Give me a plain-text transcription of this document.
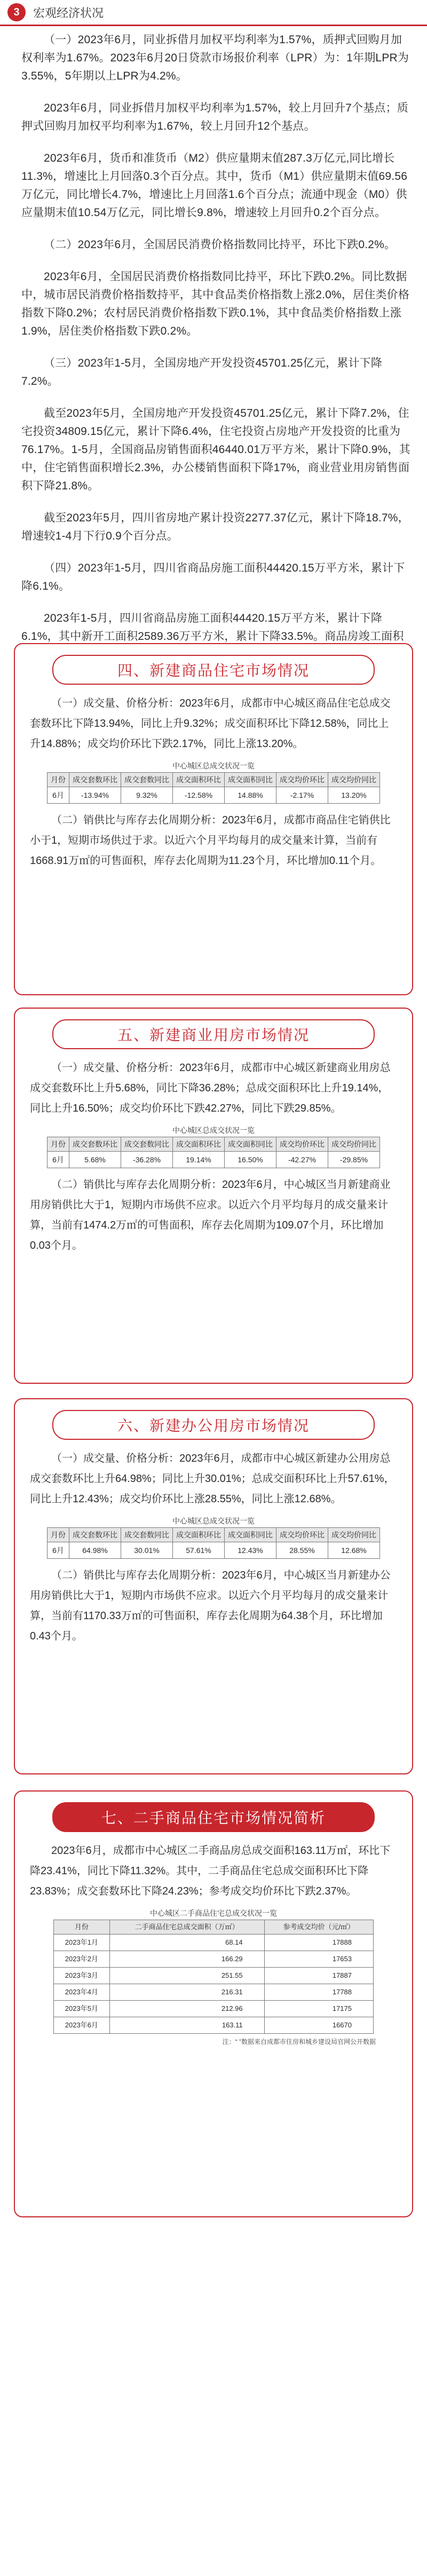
3	宏观经济状况

（一）2023年6月，同业拆借月加权平均利率为1.57%，质押式回购月加权利率为1.67%。2023年6月20日贷款市场报价利率（LPR）为：1年期LPR为3.55%，5年期以上LPR为4.2%。

2023年6月，同业拆借月加权平均利率为1.57%，较上月回升7个基点；质押式回购月加权平均利率为1.67%，较上月回升12个基点。

2023年6月，货币和准货币（M2）供应量期末值287.3万亿元,同比增长11.3%，增速比上月回落0.3个百分点。其中，货币（M1）供应量期末值69.56万亿元，同比增长4.7%，增速比上月回落1.6个百分点；流通中现金（M0）供应量期末值10.54万亿元，同比增长9.8%，增速较上月回升0.2个百分点。

（二）2023年6月，全国居民消费价格指数同比持平，环比下跌0.2%。

2023年6月，全国居民消费价格指数同比持平，环比下跌0.2%。同比数据中，城市居民消费价格指数持平，其中食品类价格指数上涨2.0%，居住类价格指数下降0.2%；农村居民消费价格指数下跌0.1%，其中食品类价格指数上涨1.9%，居住类价格指数下跌0.2%。

（三）2023年1-5月，全国房地产开发投资45701.25亿元，累计下降7.2%。

截至2023年5月，全国房地产开发投资45701.25亿元，累计下降7.2%，住宅投资34809.15亿元，累计下降6.4%，住宅投资占房地产开发投资的比重为76.17%。1-5月，全国商品房销售面积46440.01万平方米，累计下降0.9%，其中，住宅销售面积增长2.3%，办公楼销售面积下降17%，商业营业用房销售面积下降21.8%。

截至2023年5月，四川省房地产累计投资2277.37亿元，累计下降18.7%，增速较1-4月下行0.9个百分点。

（四）2023年1-5月，四川省商品房施工面积44420.15万平方米，累计下降6.1%。

2023年1-5月，四川省商品房施工面积44420.15万平方米，累计下降6.1%，其中新开工面积2589.36万平方米，累计下降33.5%。商品房竣工面积

四、新建商品住宅市场情况

（一）成交量、价格分析：2023年6月，成都市中心城区商品住宅总成交套数环比下降13.94%，同比上升9.32%；成交面积环比下降12.58%，同比上升14.88%；成交均价环比下跌2.17%，同比上涨13.20%。

中心城区总成交状况一览
月份	成交套数环比	成交套数同比	成交面积环比	成交面积同比	成交均价环比	成交均价同比
6月	-13.94%	9.32%	-12.58%	14.88%	-2.17%	13.20%

（二）销供比与库存去化周期分析：2023年6月，成都市商品住宅销供比小于1，短期市场供过于求。以近六个月平均每月的成交量来计算，当前有1668.91万㎡的可售面积，库存去化周期为11.23个月，环比增加0.11个月。

五、新建商业用房市场情况

（一）成交量、价格分析：2023年6月，成都市中心城区新建商业用房总成交套数环比上升5.68%，同比下降36.28%；总成交面积环比上升19.14%，同比上升16.50%；成交均价环比下跌42.27%，同比下跌29.85%。

中心城区总成交状况一览
月份	成交套数环比	成交套数同比	成交面积环比	成交面积同比	成交均价环比	成交均价同比
6月	5.68%	-36.28%	19.14%	16.50%	-42.27%	-29.85%

（二）销供比与库存去化周期分析：2023年6月，中心城区当月新建商业用房销供比大于1，短期内市场供不应求。以近六个月平均每月的成交量来计算，当前有1474.2万㎡的可售面积，库存去化周期为109.07个月，环比增加0.03个月。

六、新建办公用房市场情况

（一）成交量、价格分析：2023年6月，成都市中心城区新建办公用房总成交套数环比上升64.98%；同比上升30.01%；总成交面积环比上升57.61%，同比上升12.43%；成交均价环比上涨28.55%，同比上涨12.68%。

中心城区总成交状况一览
月份	成交套数环比	成交套数同比	成交面积环比	成交面积同比	成交均价环比	成交均价同比
6月	64.98%	30.01%	57.61%	12.43%	28.55%	12.68%

（二）销供比与库存去化周期分析：2023年6月，中心城区当月新建办公用房销供比大于1，短期内市场供不应求。以近六个月平均每月的成交量来计算，当前有1170.33万㎡的可售面积，库存去化周期为64.38个月，环比增加0.43个月。

七、二手商品住宅市场情况简析

2023年6月，成都市中心城区二手商品房总成交面积163.11万㎡，环比下降23.41%，同比下降11.32%。其中，二手商品住宅总成交面积环比下降23.83%；成交套数环比下降24.23%；参考成交均价环比下跌2.37%。

中心城区二手商品住宅总成交状况一览
月份	二手商品住宅总成交面积（万㎡）	参考成交均价（元/㎡）
2023年1月	68.14	17888
2023年2月	166.29	17653
2023年3月	251.55	17887
2023年4月	216.31	17788
2023年5月	212.96	17175
2023年6月	163.11	16670
注：“ ”数据来自成都市住房和城乡建设局官网公开数据
